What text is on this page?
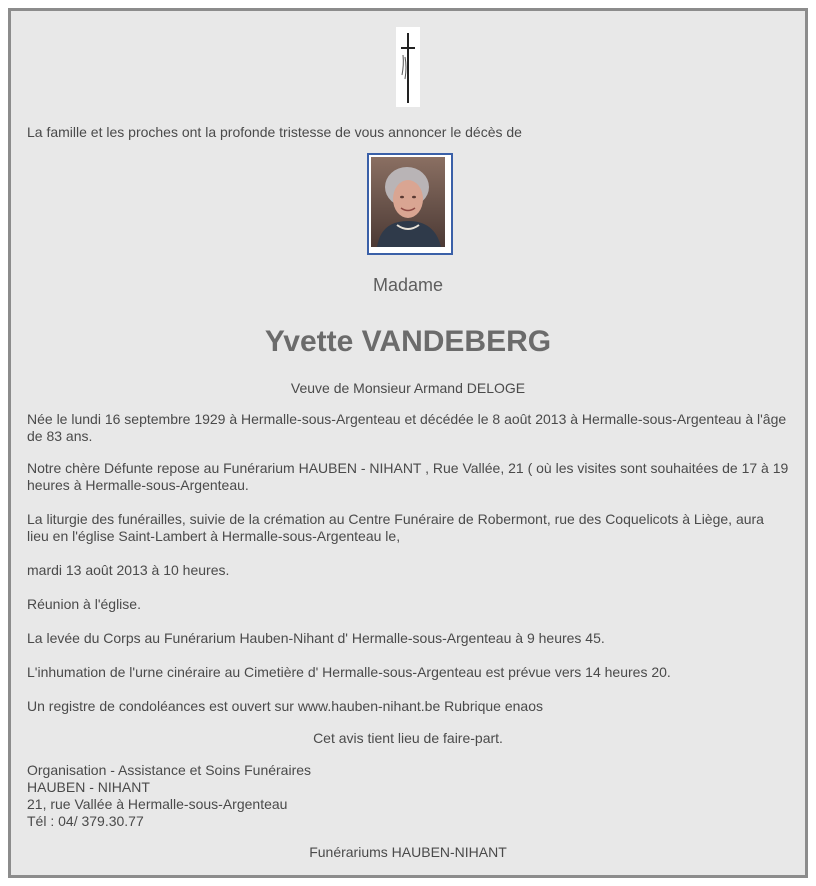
La famille et les proches ont la profonde tristesse de vous annoncer le décès de

Madame
Yvette VANDEBERG

Veuve de Monsieur Armand DELOGE

Née le lundi 16 septembre 1929 à Hermalle-sous-Argenteau et décédée le 8 août 2013 à Hermalle-sous-Argenteau à l'âge de 83 ans.

Notre chère Défunte repose au Funérarium HAUBEN - NIHANT , Rue Vallée, 21 ( où les visites sont souhaitées de 17 à 19 heures à Hermalle-sous-Argenteau.

La liturgie des funérailles, suivie de la crémation au Centre Funéraire de Robermont, rue des Coquelicots à Liège, aura lieu en l'église Saint-Lambert à Hermalle-sous-Argenteau le,

mardi 13 août 2013 à 10 heures.

Réunion à l'église.

La levée du Corps au Funérarium Hauben-Nihant d' Hermalle-sous-Argenteau à 9 heures 45.

L'inhumation de l'urne cinéraire au Cimetière d' Hermalle-sous-Argenteau est prévue vers 14 heures 20.

Un registre de condoléances est ouvert sur www.hauben-nihant.be Rubrique enaos

Cet avis tient lieu de faire-part.

Organisation - Assistance et Soins Funéraires
HAUBEN - NIHANT
21, rue Vallée à Hermalle-sous-Argenteau
Tél : 04/ 379.30.77

Funérariums HAUBEN-NIHANT
